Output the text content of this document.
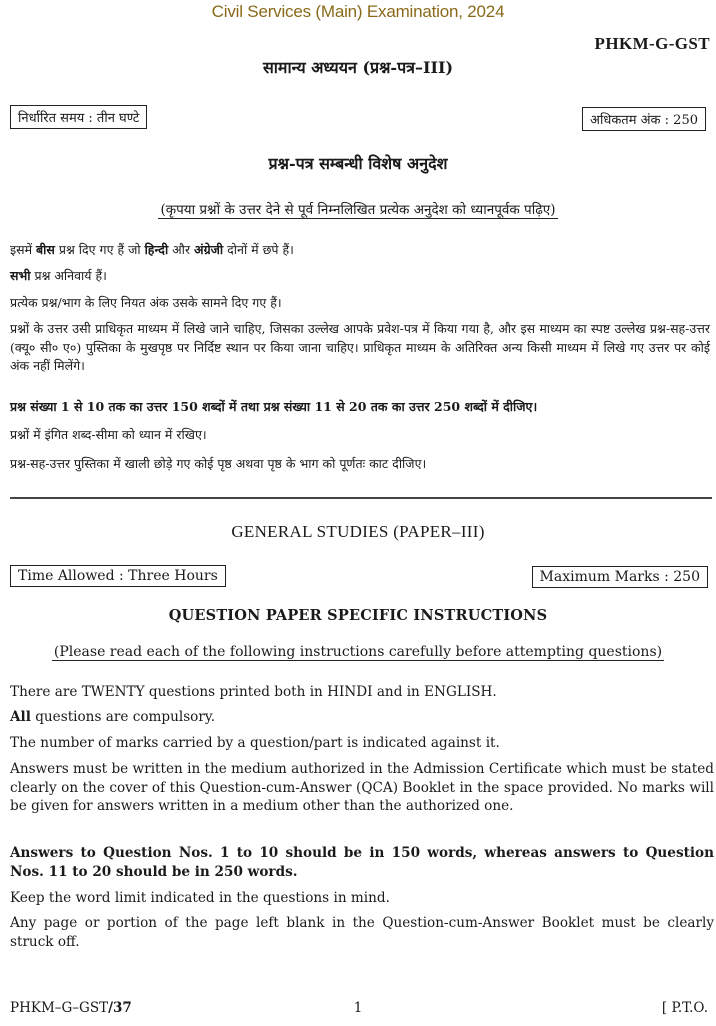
Civil Services (Main) Examination, 2024
PHKM-G-GST
सामान्य अध्ययन (प्रश्न-पत्र–III)
निर्धारित समय : तीन घण्टे	अधिकतम अंक : 250
प्रश्न-पत्र सम्बन्धी विशेष अनुदेश
(कृपया प्रश्नों के उत्तर देने से पूर्व निम्नलिखित प्रत्येक अनुदेश को ध्यानपूर्वक पढ़िए)
इसमें बीस प्रश्न दिए गए हैं जो हिन्दी और अंग्रेजी दोनों में छपे हैं।
सभी प्रश्न अनिवार्य हैं।
प्रत्येक प्रश्न/भाग के लिए नियत अंक उसके सामने दिए गए हैं।
प्रश्नों के उत्तर उसी प्राधिकृत माध्यम में लिखे जाने चाहिए, जिसका उल्लेख आपके प्रवेश-पत्र में किया गया है, और इस माध्यम का स्पष्ट उल्लेख प्रश्न-सह-उत्तर (क्यू० सी० ए०) पुस्तिका के मुखपृष्ठ पर निर्दिष्ट स्थान पर किया जाना चाहिए। प्राधिकृत माध्यम के अतिरिक्त अन्य किसी माध्यम में लिखे गए उत्तर पर कोई अंक नहीं मिलेंगे।
प्रश्न संख्या 1 से 10 तक का उत्तर 150 शब्दों में तथा प्रश्न संख्या 11 से 20 तक का उत्तर 250 शब्दों में दीजिए।
प्रश्नों में इंगित शब्द-सीमा को ध्यान में रखिए।
प्रश्न-सह-उत्तर पुस्तिका में खाली छोड़े गए कोई पृष्ठ अथवा पृष्ठ के भाग को पूर्णतः काट दीजिए।
GENERAL STUDIES (PAPER–III)
Time Allowed : Three Hours	Maximum Marks : 250
QUESTION PAPER SPECIFIC INSTRUCTIONS
(Please read each of the following instructions carefully before attempting questions)
There are TWENTY questions printed both in HINDI and in ENGLISH.
All questions are compulsory.
The number of marks carried by a question/part is indicated against it.
Answers must be written in the medium authorized in the Admission Certificate which must be stated clearly on the cover of this Question-cum-Answer (QCA) Booklet in the space provided. No marks will be given for answers written in a medium other than the authorized one.
Answers to Question Nos. 1 to 10 should be in 150 words, whereas answers to Question Nos. 11 to 20 should be in 250 words.
Keep the word limit indicated in the questions in mind.
Any page or portion of the page left blank in the Question-cum-Answer Booklet must be clearly struck off.
PHKM–G–GST/37	1	[ P.T.O.
